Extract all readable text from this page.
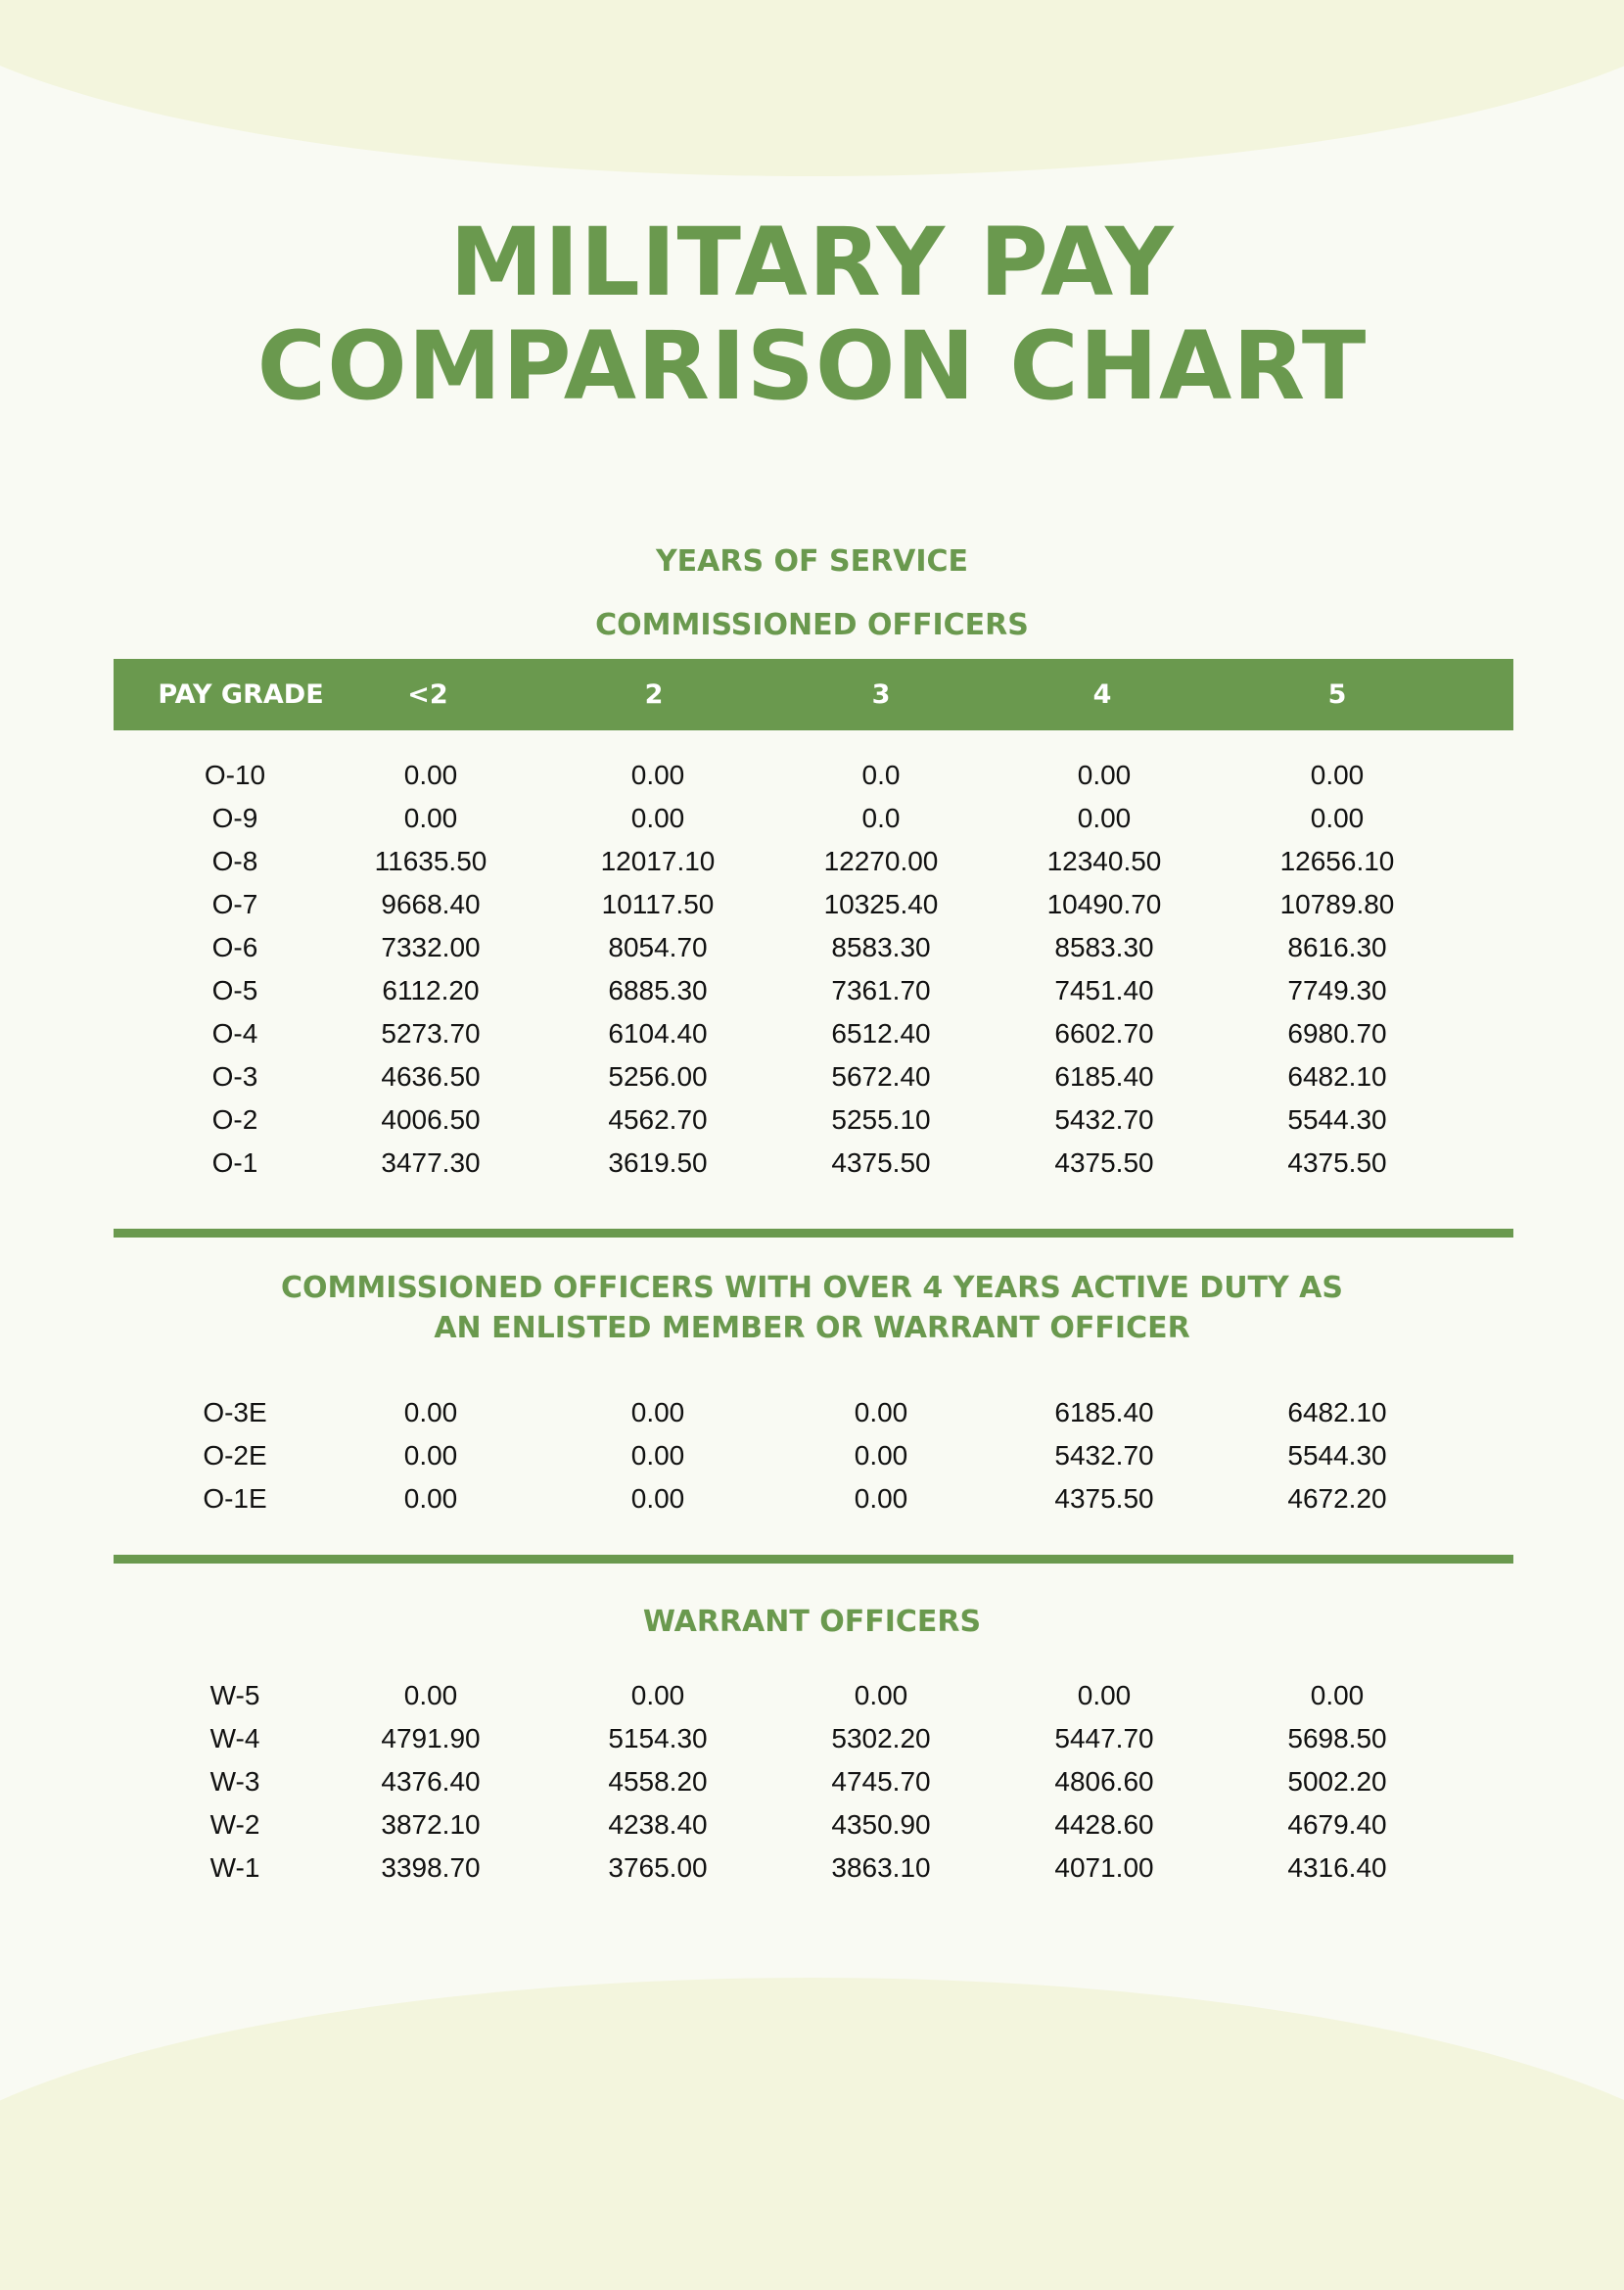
MILITARY PAY
COMPARISON CHART
YEARS OF SERVICE
COMMISSIONED OFFICERS
PAY GRADE	<2	2	3	4	5
O-10	0.00	0.00	0.0	0.00	0.00
O-9	0.00	0.00	0.0	0.00	0.00
O-8	11635.50	12017.10	12270.00	12340.50	12656.10
O-7	9668.40	10117.50	10325.40	10490.70	10789.80
O-6	7332.00	8054.70	8583.30	8583.30	8616.30
O-5	6112.20	6885.30	7361.70	7451.40	7749.30
O-4	5273.70	6104.40	6512.40	6602.70	6980.70
O-3	4636.50	5256.00	5672.40	6185.40	6482.10
O-2	4006.50	4562.70	5255.10	5432.70	5544.30
O-1	3477.30	3619.50	4375.50	4375.50	4375.50
COMMISSIONED OFFICERS WITH OVER 4 YEARS ACTIVE DUTY AS
AN ENLISTED MEMBER OR WARRANT OFFICER
O-3E	0.00	0.00	0.00	6185.40	6482.10
O-2E	0.00	0.00	0.00	5432.70	5544.30
O-1E	0.00	0.00	0.00	4375.50	4672.20
WARRANT OFFICERS
W-5	0.00	0.00	0.00	0.00	0.00
W-4	4791.90	5154.30	5302.20	5447.70	5698.50
W-3	4376.40	4558.20	4745.70	4806.60	5002.20
W-2	3872.10	4238.40	4350.90	4428.60	4679.40
W-1	3398.70	3765.00	3863.10	4071.00	4316.40
